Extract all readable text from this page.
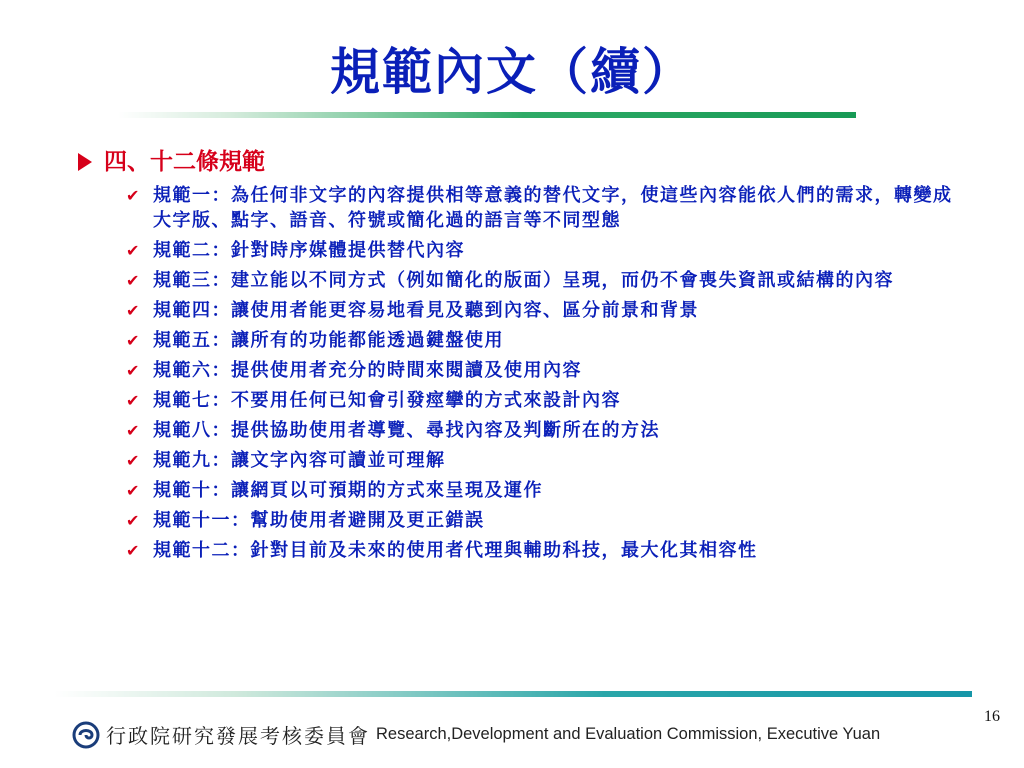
規範內文（續）
四、十二條規範
✔ 規範一：為任何非文字的內容提供相等意義的替代文字，使這些內容能依人們的需求，轉變成大字版、點字、語音、符號或簡化過的語言等不同型態
✔ 規範二：針對時序媒體提供替代內容
✔ 規範三：建立能以不同方式（例如簡化的版面）呈現，而仍不會喪失資訊或結構的內容
✔ 規範四：讓使用者能更容易地看見及聽到內容、區分前景和背景
✔ 規範五：讓所有的功能都能透過鍵盤使用
✔ 規範六：提供使用者充分的時間來閱讀及使用內容
✔ 規範七：不要用任何已知會引發痙攣的方式來設計內容
✔ 規範八：提供協助使用者導覽、尋找內容及判斷所在的方法
✔ 規範九：讓文字內容可讀並可理解
✔ 規範十：讓網頁以可預期的方式來呈現及運作
✔ 規範十一：幫助使用者避開及更正錯誤
✔ 規範十二：針對目前及未來的使用者代理與輔助科技，最大化其相容性
16
行政院研究發展考核委員會 Research,Development and Evaluation Commission, Executive Yuan
